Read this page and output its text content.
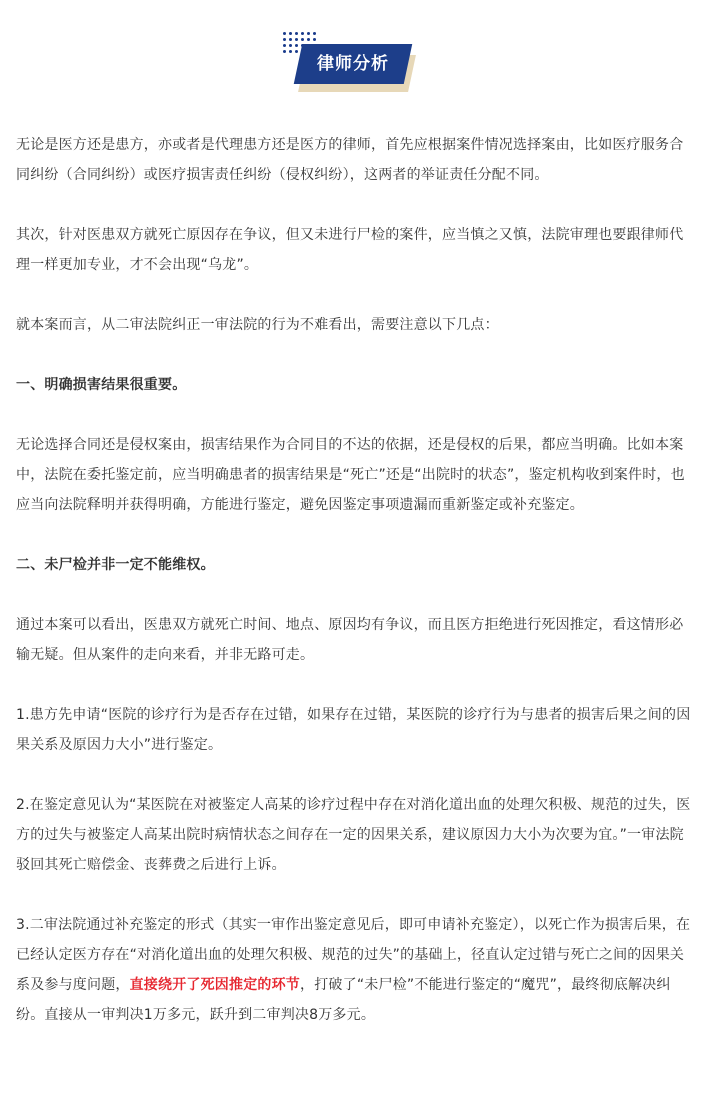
律师分析

无论是医方还是患方，亦或者是代理患方还是医方的律师，首先应根据案件情况选择案由，比如医疗服务合同纠纷（合同纠纷）或医疗损害责任纠纷（侵权纠纷），这两者的举证责任分配不同。

其次，针对医患双方就死亡原因存在争议，但又未进行尸检的案件，应当慎之又慎，法院审理也要跟律师代理一样更加专业，才不会出现“乌龙”。

就本案而言，从二审法院纠正一审法院的行为不难看出，需要注意以下几点：

一、明确损害结果很重要。

无论选择合同还是侵权案由，损害结果作为合同目的不达的依据，还是侵权的后果，都应当明确。比如本案中，法院在委托鉴定前，应当明确患者的损害结果是“死亡”还是“出院时的状态”，鉴定机构收到案件时，也应当向法院释明并获得明确，方能进行鉴定，避免因鉴定事项遗漏而重新鉴定或补充鉴定。

二、未尸检并非一定不能维权。

通过本案可以看出，医患双方就死亡时间、地点、原因均有争议，而且医方拒绝进行死因推定，看这情形必输无疑。但从案件的走向来看，并非无路可走。

1.患方先申请“医院的诊疗行为是否存在过错，如果存在过错，某医院的诊疗行为与患者的损害后果之间的因果关系及原因力大小”进行鉴定。

2.在鉴定意见认为“某医院在对被鉴定人高某的诊疗过程中存在对消化道出血的处理欠积极、规范的过失，医方的过失与被鉴定人高某出院时病情状态之间存在一定的因果关系，建议原因力大小为次要为宜。”一审法院驳回其死亡赔偿金、丧葬费之后进行上诉。

3.二审法院通过补充鉴定的形式（其实一审作出鉴定意见后，即可申请补充鉴定），以死亡作为损害后果，在已经认定医方存在“对消化道出血的处理欠积极、规范的过失”的基础上，径直认定过错与死亡之间的因果关系及参与度问题，直接绕开了死因推定的环节，打破了“未尸检”不能进行鉴定的“魔咒”，最终彻底解决纠纷。直接从一审判决1万多元，跃升到二审判决8万多元。
